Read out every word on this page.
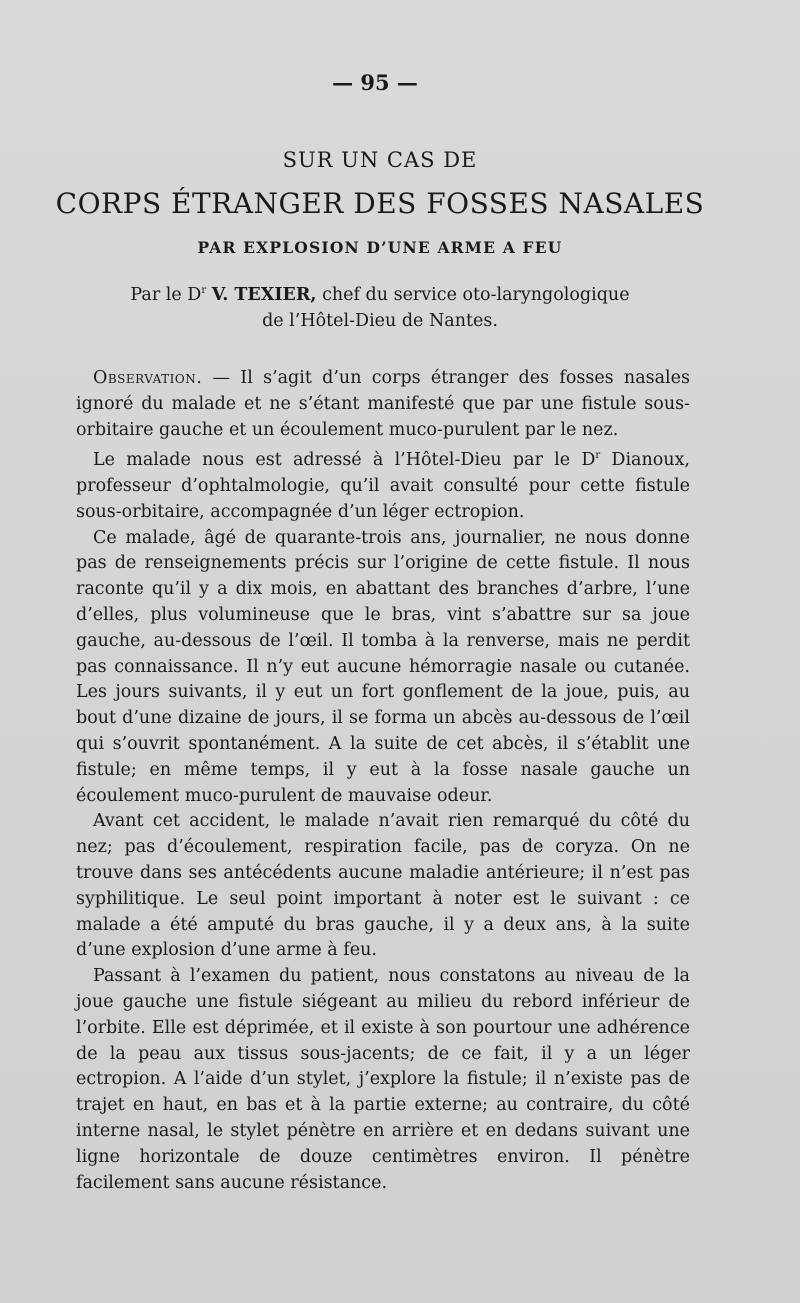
— 95 —
SUR UN CAS DE
CORPS ÉTRANGER DES FOSSES NASALES
PAR EXPLOSION D’UNE ARME A FEU
Par le $D^r$ V. TEXIER, chef du service oto-laryngologique
de l’Hôtel-Dieu de Nantes.

Observation. — Il s’agit d’un corps étranger des fosses nasales ignoré du malade et ne s’étant manifesté que par une fistule sous-orbitaire gauche et un écoulement muco-purulent par le nez.

Le malade nous est adressé à l’Hôtel-Dieu par le $D^r$ Dianoux, professeur d’ophtalmologie, qu’il avait consulté pour cette fistule sous-orbitaire, accompagnée d’un léger ectropion.

Ce malade, âgé de quarante-trois ans, journalier, ne nous donne pas de renseignements précis sur l’origine de cette fistule. Il nous raconte qu’il y a dix mois, en abattant des branches d’arbre, l’une d’elles, plus volumineuse que le bras, vint s’abattre sur sa joue gauche, au-dessous de l’œil. Il tomba à la renverse, mais ne perdit pas connaissance. Il n’y eut aucune hémorragie nasale ou cutanée. Les jours suivants, il y eut un fort gonflement de la joue, puis, au bout d’une dizaine de jours, il se forma un abcès au-dessous de l’œil qui s’ouvrit spontanément. A la suite de cet abcès, il s’établit une fistule; en même temps, il y eut à la fosse nasale gauche un écoulement muco-purulent de mauvaise odeur.

Avant cet accident, le malade n’avait rien remarqué du côté du nez; pas d’écoulement, respiration facile, pas de coryza. On ne trouve dans ses antécédents aucune maladie antérieure; il n’est pas syphilitique. Le seul point important à noter est le suivant : ce malade a été amputé du bras gauche, il y a deux ans, à la suite d’une explosion d’une arme à feu.

Passant à l’examen du patient, nous constatons au niveau de la joue gauche une fistule siégeant au milieu du rebord inférieur de l’orbite. Elle est déprimée, et il existe à son pourtour une adhérence de la peau aux tissus sous-jacents; de ce fait, il y a un léger ectropion. A l’aide d’un stylet, j’explore la fistule; il n’existe pas de trajet en haut, en bas et à la partie externe; au contraire, du côté interne nasal, le stylet pénètre en arrière et en dedans suivant une ligne horizontale de douze centimètres environ. Il pénètre facilement sans aucune résistance.
